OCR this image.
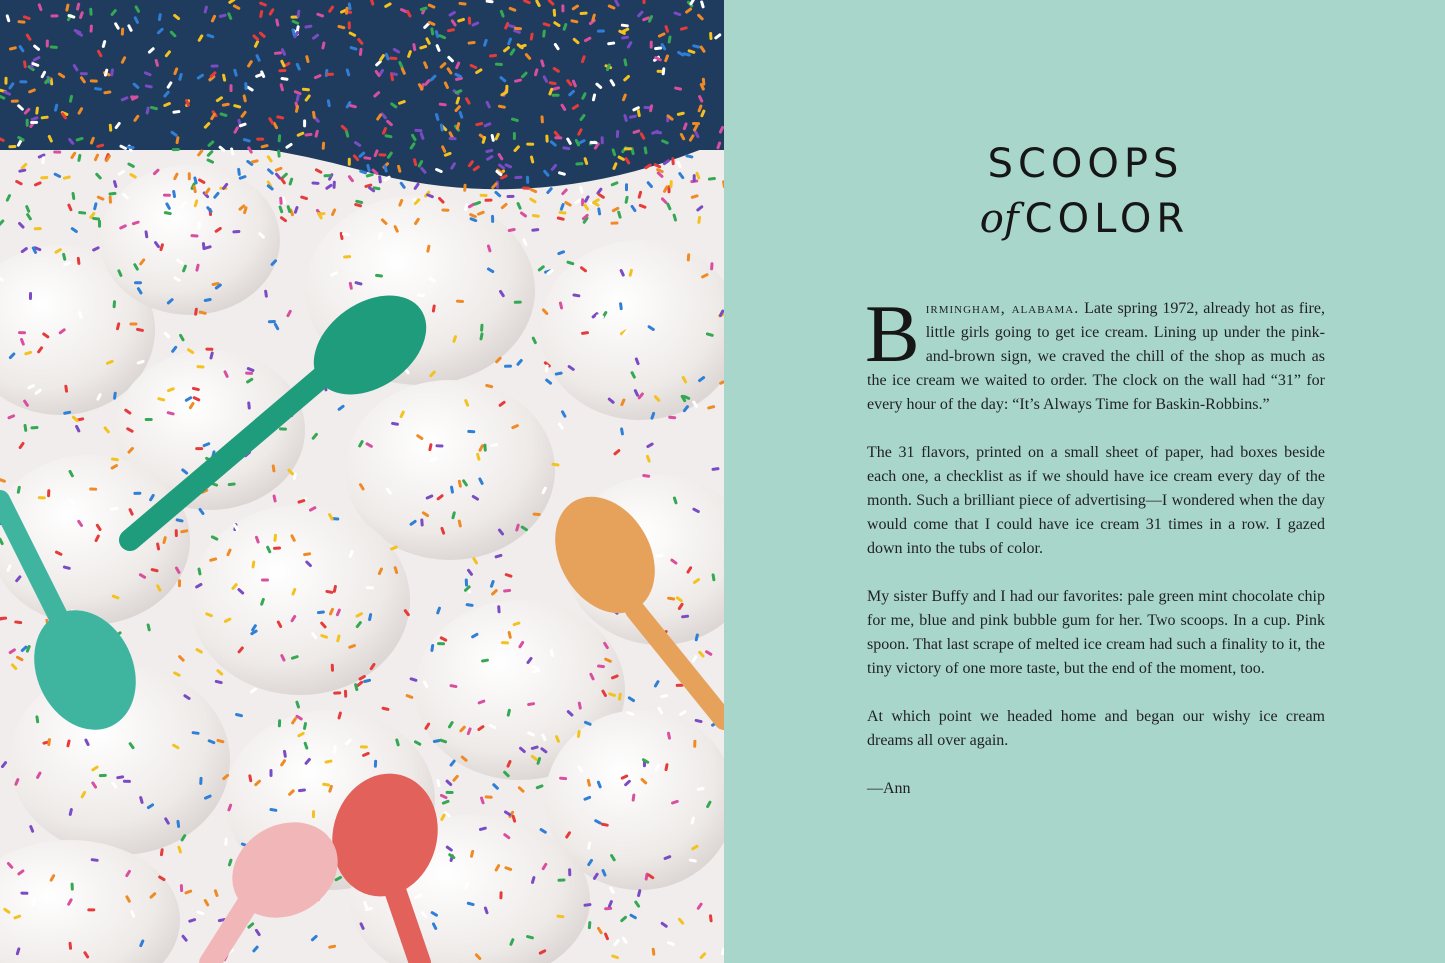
SCOOPS
of COLOR

Birmingham, alabama. Late spring 1972, already hot as fire, little girls going to get ice cream. Lining up under the pink-and-brown sign, we craved the chill of the shop as much as the ice cream we waited to order. The clock on the wall had “31” for every hour of the day: “It’s Always Time for Baskin-Robbins.”

The 31 flavors, printed on a small sheet of paper, had boxes beside each one, a checklist as if we should have ice cream every day of the month. Such a brilliant piece of advertising—I wondered when the day would come that I could have ice cream 31 times in a row. I gazed down into the tubs of color.

My sister Buffy and I had our favorites: pale green mint chocolate chip for me, blue and pink bubble gum for her. Two scoops. In a cup. Pink spoon. That last scrape of melted ice cream had such a finality to it, the tiny victory of one more taste, but the end of the moment, too.

At which point we headed home and began our wishy ice cream dreams all over again.

—Ann
